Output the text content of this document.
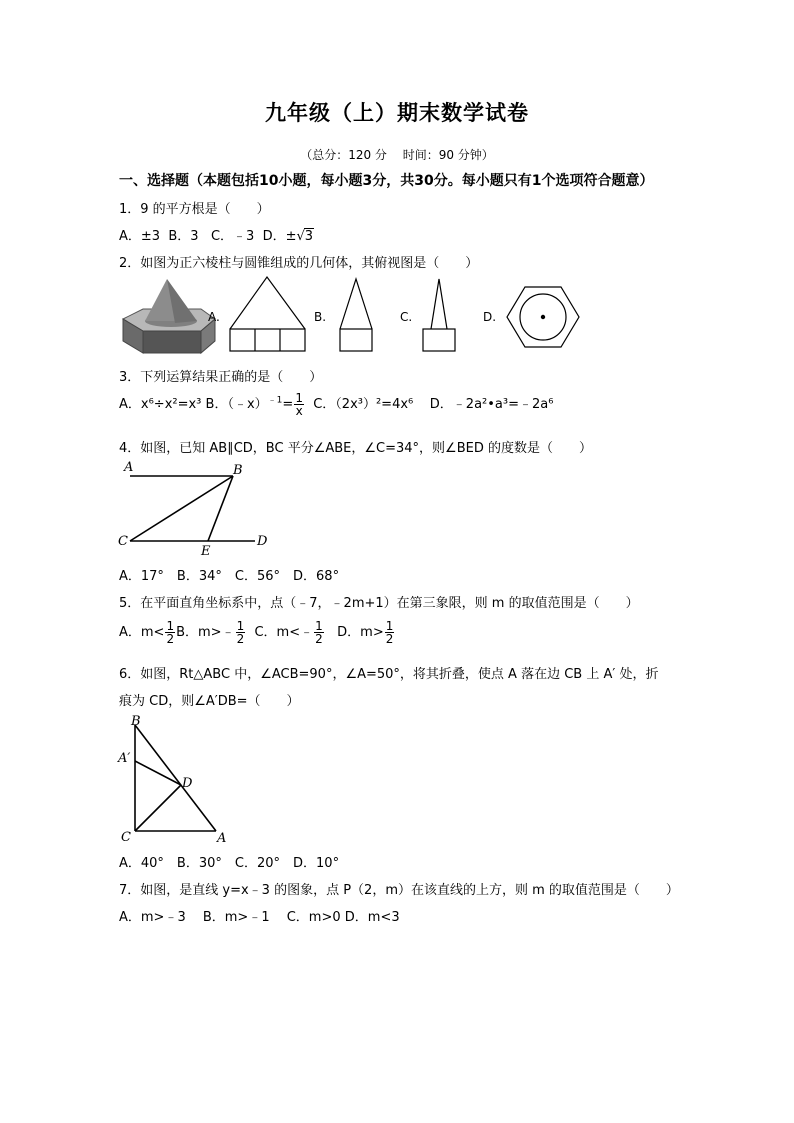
九年级（上）期末数学试卷
（总分：120 分　 时间：90 分钟）
一、选择题（本题包括10小题，每小题3分，共30分。每小题只有1个选项符合题意）
1．9 的平方根是（　　）
A．±3 B．3 C．﹣3 D．±√3
2．如图为正六棱柱与圆锥组成的几何体，其俯视图是（　　）
A.	B.	C.	D.
3．下列运算结果正确的是（　　）
A．x⁶÷x²=x³ B．（﹣x）$^{﹣1}$= $\frac{1}{x}$ C．（2x³）²=4x⁶ D．﹣2a²•a³=﹣2a⁶
4．如图，已知 AB∥CD，BC 平分∠ABE，∠C=34°，则∠BED 的度数是（　　）
A	B
C
E
D
A．17°　B．34°　C．56°　D．68°
5．在平面直角坐标系中，点（﹣7，﹣2m+1）在第三象限，则 m 的取值范围是（　　）
A．$m< \frac{1}{2}$ B．m>﹣ $\frac{1}{2}$ C．m<﹣ $\frac{1}{2}$ D．$m> \frac{1}{2}$
6．如图，Rt△ABC 中，∠ACB=90°，∠A=50°，将其折叠，使点 A 落在边 CB 上 A′ 处，折
痕为 CD，则∠A′DB=（　　）
B
A′
D
C	A
A．40°　B．30°　C．20°　D．10°
7．如图，是直线 y=x﹣3 的图象，点 P（2，m）在该直线的上方，则 m 的取值范围是（　　）
A．m>﹣3　 B．m>﹣1　 C．m>0 D．m<3
